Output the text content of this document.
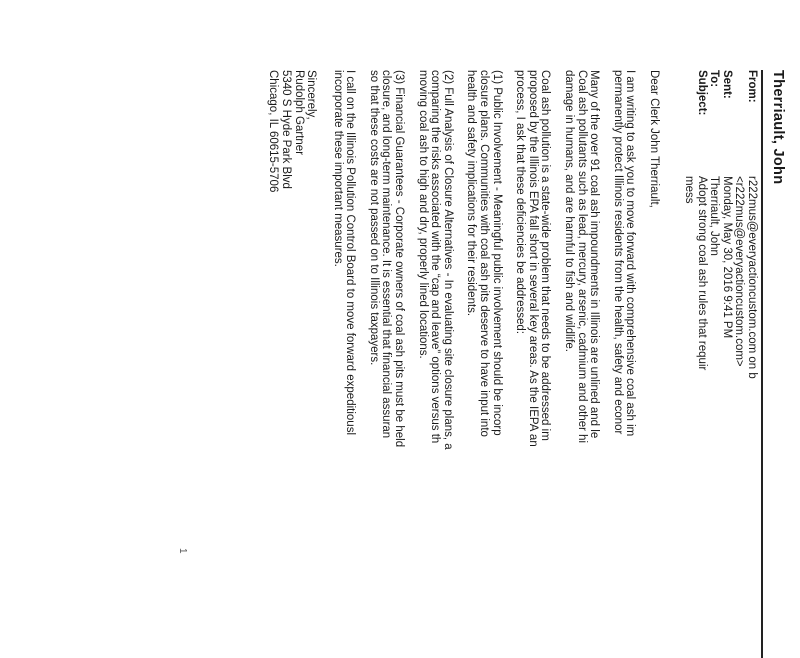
Therriault, John
From:
r222mus@everyactioncustom.com on b
<r222mus@everyactioncustom.com>
Sent:
Monday, May 30, 2016 9:41 PM
To:
Therriault, John
Subject:
Adopt strong coal ash rules that requir
mess
Dear Clerk John Therriault,
I am writing to ask you to move forward with comprehensive coal ash im
permanently protect Illinois residents from the health, safety and econor
Many of the over 91 coal ash impoundments in Illinois are unlined and le
Coal ash pollutants such as lead, mercury, arsenic, cadmium and other hi
damage in humans, and are harmful to fish and wildlife.
Coal ash pollution is a state-wide problem that needs to be addressed im
proposed by the Illinois EPA fall short in several key areas. As the IEPA an
process, I ask that these deficiencies be addressed:
(1) Public Involvement - Meaningful public involvement should be incorp
closure plans. Communities with coal ash pits deserve to have input into
health and safety implications for their residents.
(2) Full Analysis of Closure Alternatives - In evaluating site closure plans, a
comparing the risks associated with the “cap and leave” options versus th
moving coal ash to high and dry, properly lined locations.
(3) Financial Guarantees - Corporate owners of coal ash pits must be held
closure, and long-term maintenance. It is essential that financial assuran
so that these costs are not passed on to Illinois taxpayers.
I call on the Illinois Pollution Control Board to move forward expeditiousl
incorporate these important measures.
Sincerely,
Rudolph Gartner
5340 S Hyde Park Blvd
Chicago, IL 60615-5706
1
